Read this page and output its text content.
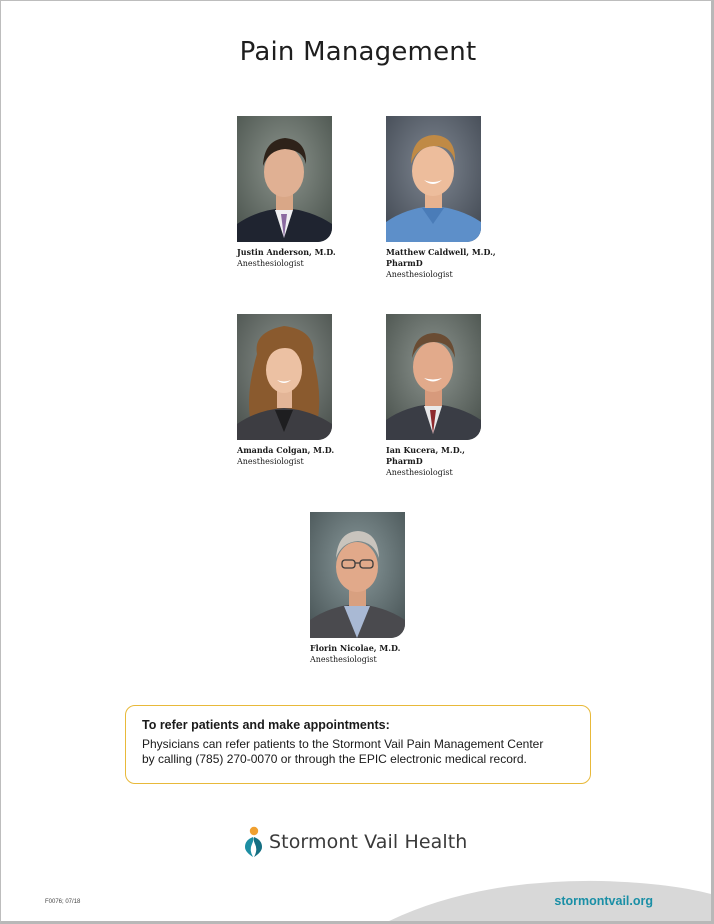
Pain Management
Justin Anderson, M.D.
Anesthesiologist
Matthew Caldwell, M.D.,
PharmD
Anesthesiologist
Amanda Colgan, M.D.
Anesthesiologist
Ian Kucera, M.D.,
PharmD
Anesthesiologist
Florin Nicolae, M.D.
Anesthesiologist
To refer patients and make appointments:
Physicians can refer patients to the Stormont Vail Pain Management Center
by calling (785) 270-0070 or through the EPIC electronic medical record.
Stormont Vail Health
F0076; 07/18	stormontvail.org
